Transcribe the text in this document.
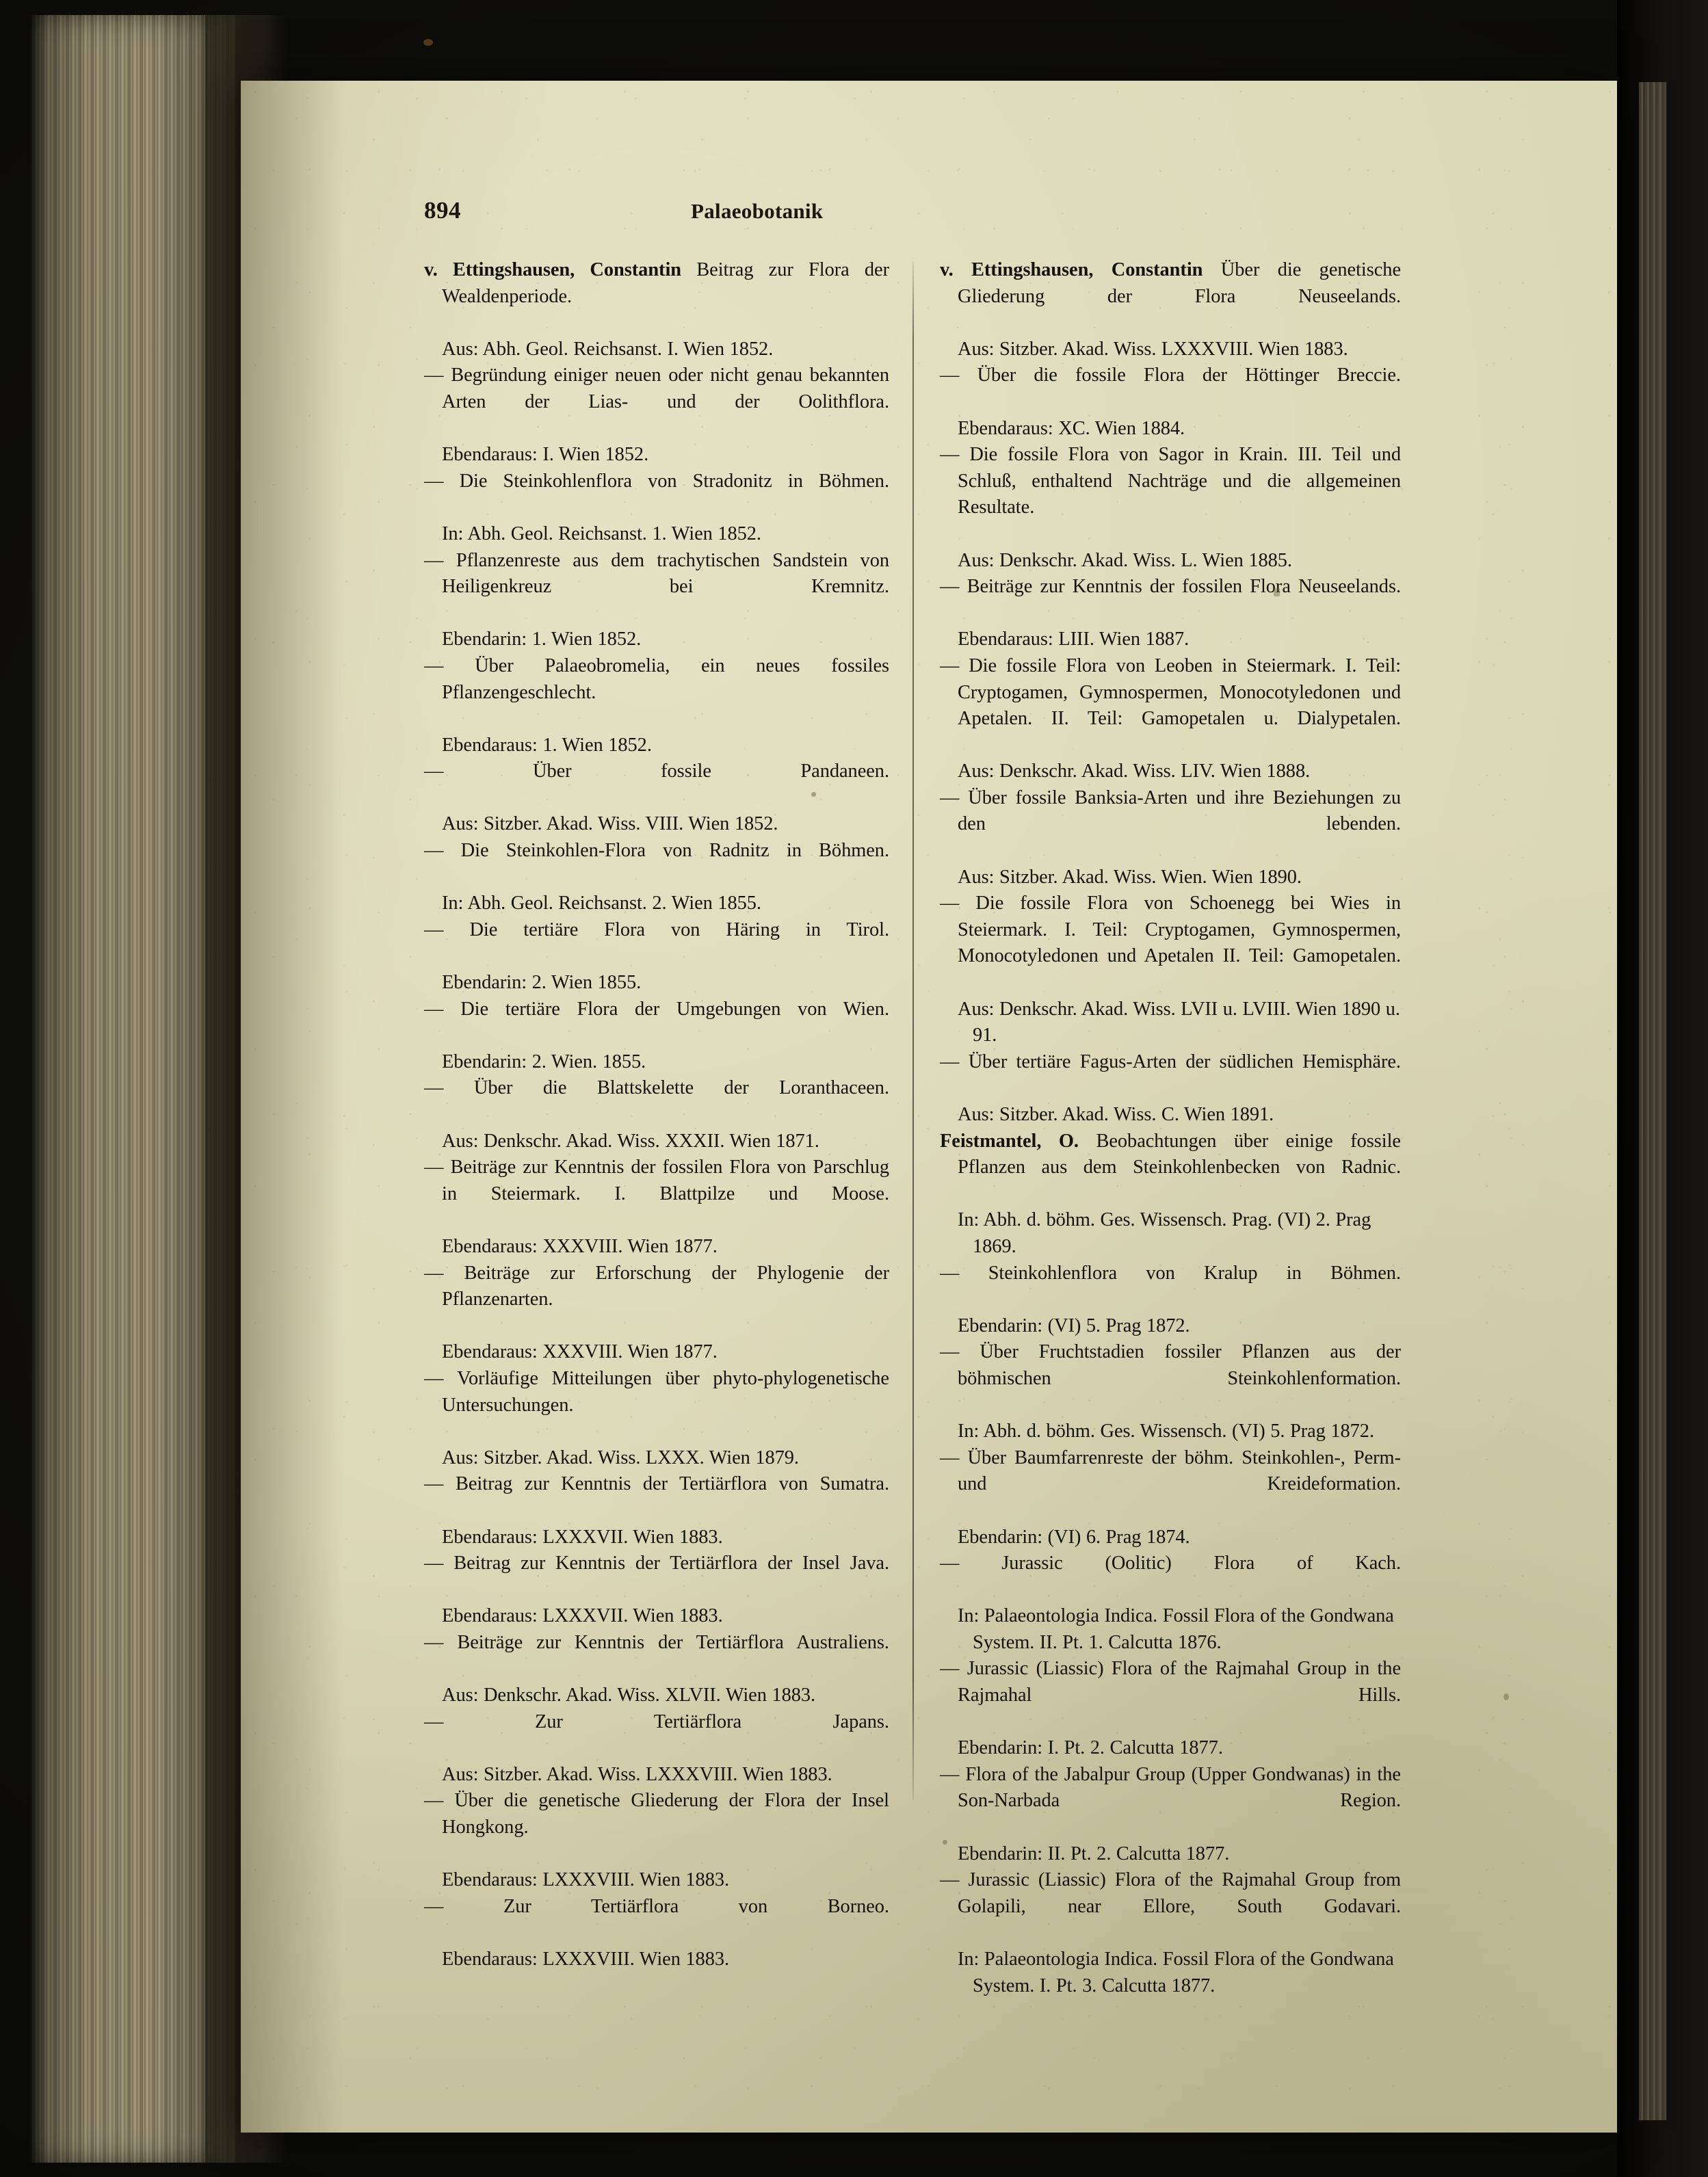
894	Palaeobotanik

v. Ettingshausen, Constantin Beitrag zur Flora der Wealdenperiode.

Aus: Abh. Geol. Reichsanst. I. Wien 1852.

— Begründung einiger neuen oder nicht genau bekannten Arten der Lias- und der Oolithflora.

Ebendaraus: I. Wien 1852.

— Die Steinkohlenflora von Stradonitz in Böhmen.

In: Abh. Geol. Reichsanst. 1. Wien 1852.

— Pflanzenreste aus dem trachytischen Sandstein von Heiligenkreuz bei Kremnitz.

Ebendarin: 1. Wien 1852.

— Über Palaeobromelia, ein neues fossiles Pflanzengeschlecht.

Ebendaraus: 1. Wien 1852.

— Über fossile Pandaneen.

Aus: Sitzber. Akad. Wiss. VIII. Wien 1852.

— Die Steinkohlen-Flora von Radnitz in Böhmen.

In: Abh. Geol. Reichsanst. 2. Wien 1855.

— Die tertiäre Flora von Häring in Tirol.

Ebendarin: 2. Wien 1855.

— Die tertiäre Flora der Umgebungen von Wien.

Ebendarin: 2. Wien. 1855.

— Über die Blattskelette der Loranthaceen.

Aus: Denkschr. Akad. Wiss. XXXII. Wien 1871.

— Beiträge zur Kenntnis der fossilen Flora von Parschlug in Steiermark. I. Blattpilze und Moose.

Ebendaraus: XXXVIII. Wien 1877.

— Beiträge zur Erforschung der Phylogenie der Pflanzenarten.

Ebendaraus: XXXVIII. Wien 1877.

— Vorläufige Mitteilungen über phyto-phylogenetische Untersuchungen.

Aus: Sitzber. Akad. Wiss. LXXX. Wien 1879.

— Beitrag zur Kenntnis der Tertiärflora von Sumatra.

Ebendaraus: LXXXVII. Wien 1883.

— Beitrag zur Kenntnis der Tertiärflora der Insel Java.

Ebendaraus: LXXXVII. Wien 1883.

— Beiträge zur Kenntnis der Tertiärflora Australiens.

Aus: Denkschr. Akad. Wiss. XLVII. Wien 1883.

— Zur Tertiärflora Japans.

Aus: Sitzber. Akad. Wiss. LXXXVIII. Wien 1883.

— Über die genetische Gliederung der Flora der Insel Hongkong.

Ebendaraus: LXXXVIII. Wien 1883.

— Zur Tertiärflora von Borneo.

Ebendaraus: LXXXVIII. Wien 1883.

v. Ettingshausen, Constantin Über die genetische Gliederung der Flora Neuseelands.

Aus: Sitzber. Akad. Wiss. LXXXVIII. Wien 1883.

— Über die fossile Flora der Höttinger Breccie.

Ebendaraus: XC. Wien 1884.

— Die fossile Flora von Sagor in Krain. III. Teil und Schluß, enthaltend Nachträge und die allgemeinen Resultate.

Aus: Denkschr. Akad. Wiss. L. Wien 1885.

— Beiträge zur Kenntnis der fossilen Flora Neuseelands.

Ebendaraus: LIII. Wien 1887.

— Die fossile Flora von Leoben in Steiermark. I. Teil: Cryptogamen, Gymnospermen, Monocotyledonen und Apetalen. II. Teil: Gamopetalen u. Dialypetalen.

Aus: Denkschr. Akad. Wiss. LIV. Wien 1888.

— Über fossile Banksia-Arten und ihre Beziehungen zu den lebenden.

Aus: Sitzber. Akad. Wiss. Wien. Wien 1890.

— Die fossile Flora von Schoenegg bei Wies in Steiermark. I. Teil: Cryptogamen, Gymnospermen, Monocotyledonen und Apetalen II. Teil: Gamopetalen.

Aus: Denkschr. Akad. Wiss. LVII u. LVIII. Wien 1890 u. 91.

— Über tertiäre Fagus-Arten der südlichen Hemisphäre.

Aus: Sitzber. Akad. Wiss. C. Wien 1891.

Feistmantel, O. Beobachtungen über einige fossile Pflanzen aus dem Steinkohlenbecken von Radnic.

In: Abh. d. böhm. Ges. Wissensch. Prag. (VI) 2. Prag 1869.

— Steinkohlenflora von Kralup in Böhmen.

Ebendarin: (VI) 5. Prag 1872.

— Über Fruchtstadien fossiler Pflanzen aus der böhmischen Steinkohlenformation.

In: Abh. d. böhm. Ges. Wissensch. (VI) 5. Prag 1872.

— Über Baumfarrenreste der böhm. Steinkohlen-, Perm- und Kreideformation.

Ebendarin: (VI) 6. Prag 1874.

— Jurassic (Oolitic) Flora of Kach.

In: Palaeontologia Indica. Fossil Flora of the Gondwana System. II. Pt. 1. Calcutta 1876.

— Jurassic (Liassic) Flora of the Rajmahal Group in the Rajmahal Hills.

Ebendarin: I. Pt. 2. Calcutta 1877.

— Flora of the Jabalpur Group (Upper Gondwanas) in the Son-Narbada Region.

Ebendarin: II. Pt. 2. Calcutta 1877.

— Jurassic (Liassic) Flora of the Rajmahal Group from Golapili, near Ellore, South Godavari.

In: Palaeontologia Indica. Fossil Flora of the Gondwana System. I. Pt. 3. Calcutta 1877.
